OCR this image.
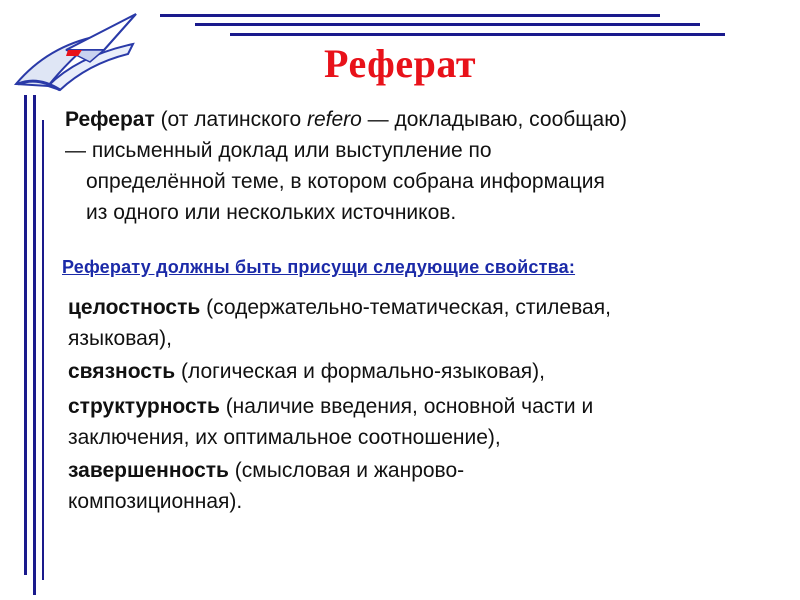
Реферат
Реферат (от латинского refero — докладываю, сообщаю)
— письменный доклад или выступление по
определённой теме, в котором собрана информация
из одного или нескольких источников.
Реферату должны быть присущи следующие свойства:
целостность (содержательно-тематическая, стилевая,
языковая),
связность (логическая и формально-языковая),
структурность (наличие введения, основной части и
заключения, их оптимальное соотношение),
завершенность (смысловая и жанрово-
композиционная).
